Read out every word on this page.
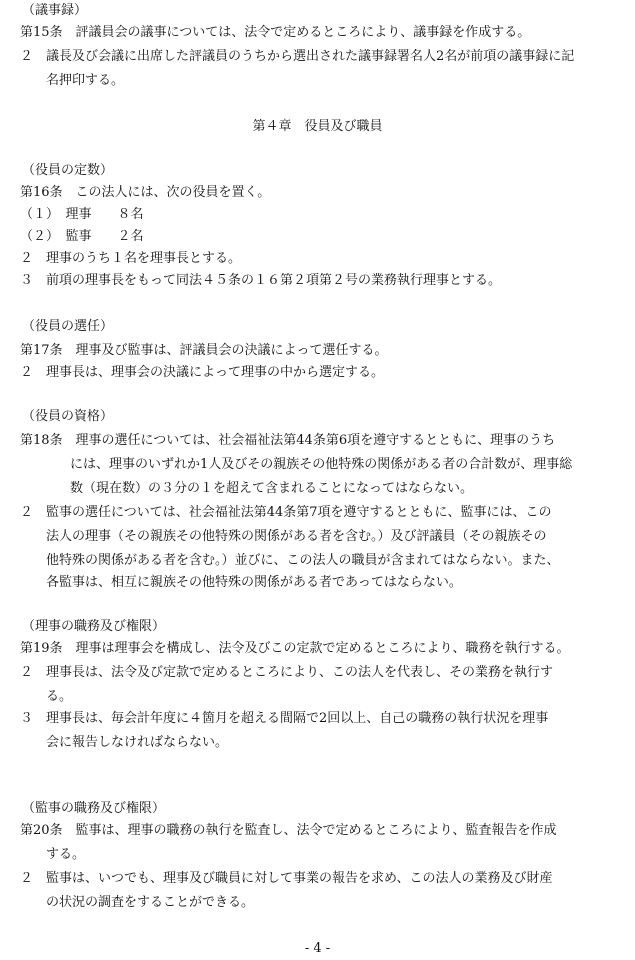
（議事録）
第15条　評議員会の議事については、法令で定めるところにより、議事録を作成する。
２　議長及び会議に出席した評議員のうちから選出された議事録署名人2名が前項の議事録に記
名押印する。
第４章　役員及び職員
（役員の定数）
第16条　この法人には、次の役員を置く。
（１）　理事　　８名
（２）　監事　　２名
２　理事のうち１名を理事長とする。
３　前項の理事長をもって同法４５条の１６第２項第２号の業務執行理事とする。
（役員の選任）
第17条　理事及び監事は、評議員会の決議によって選任する。
２　理事長は、理事会の決議によって理事の中から選定する。
（役員の資格）
第18条　理事の選任については、社会福祉法第44条第6項を遵守するとともに、理事のうち
には、理事のいずれか1人及びその親族その他特殊の関係がある者の合計数が、理事総
数（現在数）の３分の１を超えて含まれることになってはならない。
２　監事の選任については、社会福祉法第44条第7項を遵守するとともに、監事には、この
法人の理事（その親族その他特殊の関係がある者を含む。）及び評議員（その親族その
他特殊の関係がある者を含む。）並びに、この法人の職員が含まれてはならない。また、
各監事は、相互に親族その他特殊の関係がある者であってはならない。
（理事の職務及び権限）
第19条　理事は理事会を構成し、法令及びこの定款で定めるところにより、職務を執行する。
２　理事長は、法令及び定款で定めるところにより、この法人を代表し、その業務を執行す
る。
３　理事長は、毎会計年度に４箇月を超える間隔で2回以上、自己の職務の執行状況を理事
会に報告しなければならない。
（監事の職務及び権限）
第20条　監事は、理事の職務の執行を監査し、法令で定めるところにより、監査報告を作成
する。
２　監事は、いつでも、理事及び職員に対して事業の報告を求め、この法人の業務及び財産
の状況の調査をすることができる。
- 4 -
